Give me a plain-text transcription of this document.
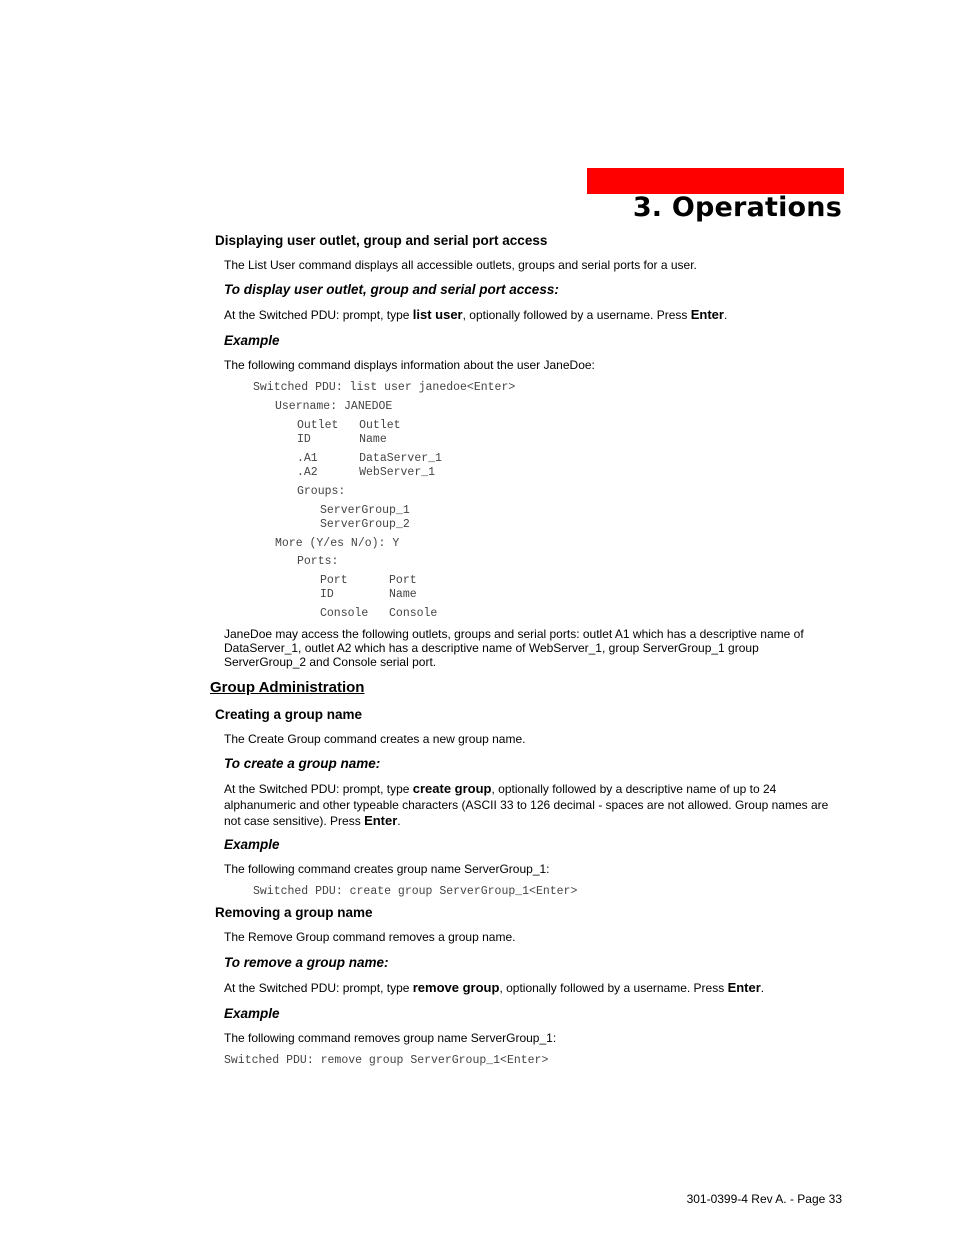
3. Operations
Displaying user outlet, group and serial port access
The List User command displays all accessible outlets, groups and serial ports for a user.
To display user outlet, group and serial port access:
At the Switched PDU: prompt, type list user, optionally followed by a username. Press Enter.
Example
The following command displays information about the user JaneDoe:
Switched PDU: list user janedoe<Enter>
Username: JANEDOE
Outlet   Outlet
ID       Name
.A1      DataServer_1
.A2      WebServer_1
Groups:
ServerGroup_1
ServerGroup_2
More (Y/es N/o): Y
Ports:
Port      Port
ID        Name
Console   Console
JaneDoe may access the following outlets, groups and serial ports: outlet A1 which has a descriptive name of DataServer_1, outlet A2 which has a descriptive name of WebServer_1, group ServerGroup_1 group ServerGroup_2 and Console serial port.
Group Administration
Creating a group name
The Create Group command creates a new group name.
To create a group name:
At the Switched PDU: prompt, type create group, optionally followed by a descriptive name of up to 24 alphanumeric and other typeable characters (ASCII 33 to 126 decimal - spaces are not allowed. Group names are not case sensitive). Press Enter.
Example
The following command creates group name ServerGroup_1:
Switched PDU: create group ServerGroup_1<Enter>
Removing a group name
The Remove Group command removes a group name.
To remove a group name:
At the Switched PDU: prompt, type remove group, optionally followed by a username. Press Enter.
Example
The following command removes group name ServerGroup_1:
Switched PDU: remove group ServerGroup_1<Enter>
301-0399-4 Rev A. - Page 33
